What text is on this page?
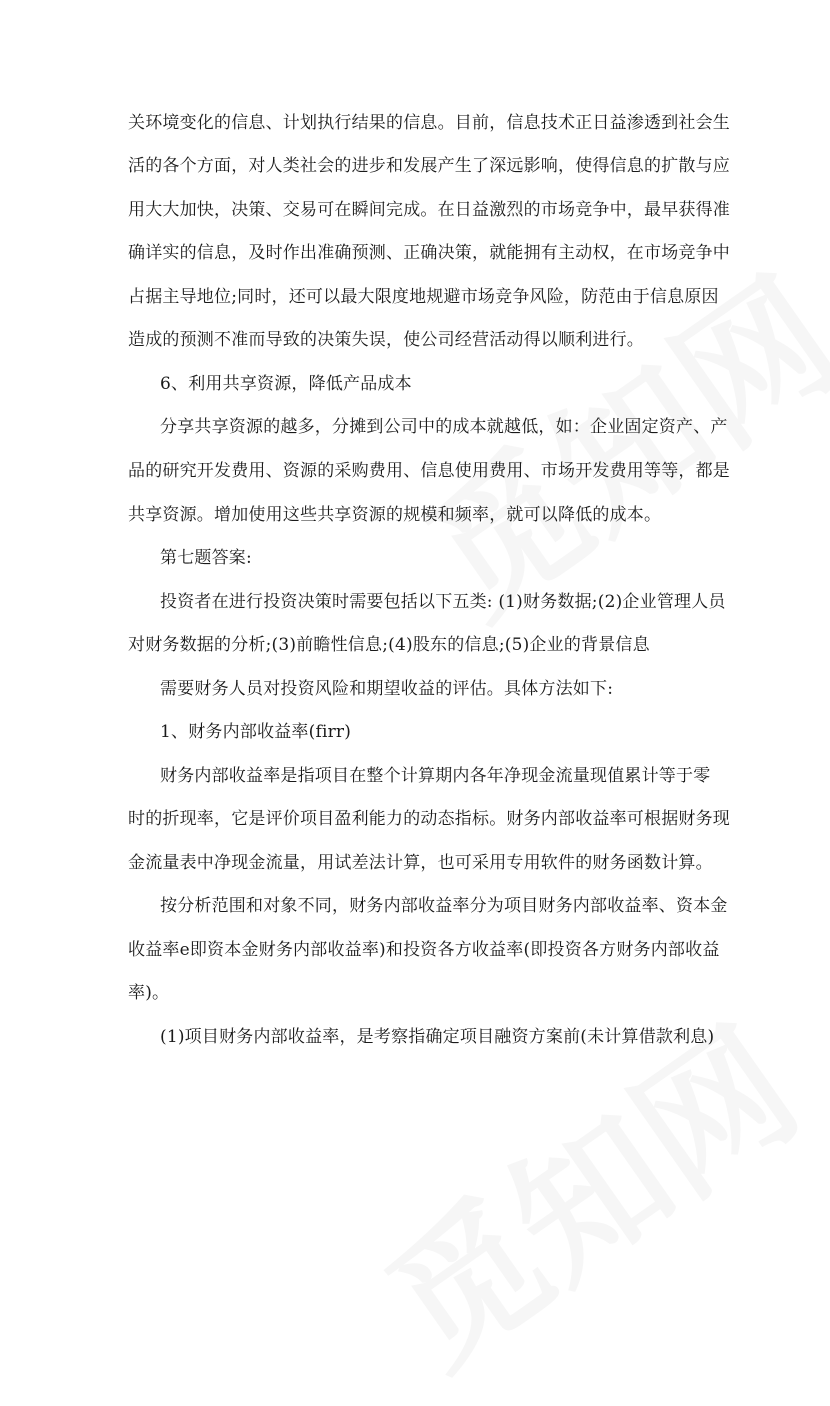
关环境变化的信息、计划执行结果的信息。目前，信息技术正日益渗透到社会生
活的各个方面，对人类社会的进步和发展产生了深远影响，使得信息的扩散与应
用大大加快，决策、交易可在瞬间完成。在日益激烈的市场竞争中，最早获得准
确详实的信息，及时作出准确预测、正确决策，就能拥有主动权，在市场竞争中
占据主导地位;同时，还可以最大限度地规避市场竞争风险，防范由于信息原因
造成的预测不准而导致的决策失误，使公司经营活动得以顺利进行。
6、利用共享资源，降低产品成本
分享共享资源的越多，分摊到公司中的成本就越低，如：企业固定资产、产
品的研究开发费用、资源的采购费用、信息使用费用、市场开发费用等等，都是
共享资源。增加使用这些共享资源的规模和频率，就可以降低的成本。
第七题答案:
投资者在进行投资决策时需要包括以下五类: (1)财务数据;(2)企业管理人员
对财务数据的分析;(3)前瞻性信息;(4)股东的信息;(5)企业的背景信息
需要财务人员对投资风险和期望收益的评估。具体方法如下:
1、财务内部收益率(firr)
财务内部收益率是指项目在整个计算期内各年净现金流量现值累计等于零
时的折现率，它是评价项目盈利能力的动态指标。财务内部收益率可根据财务现
金流量表中净现金流量，用试差法计算，也可采用专用软件的财务函数计算。
按分析范围和对象不同，财务内部收益率分为项目财务内部收益率、资本金
收益率e即资本金财务内部收益率)和投资各方收益率(即投资各方财务内部收益
率)。
(1)项目财务内部收益率，是考察指确定项目融资方案前(未计算借款利息)
